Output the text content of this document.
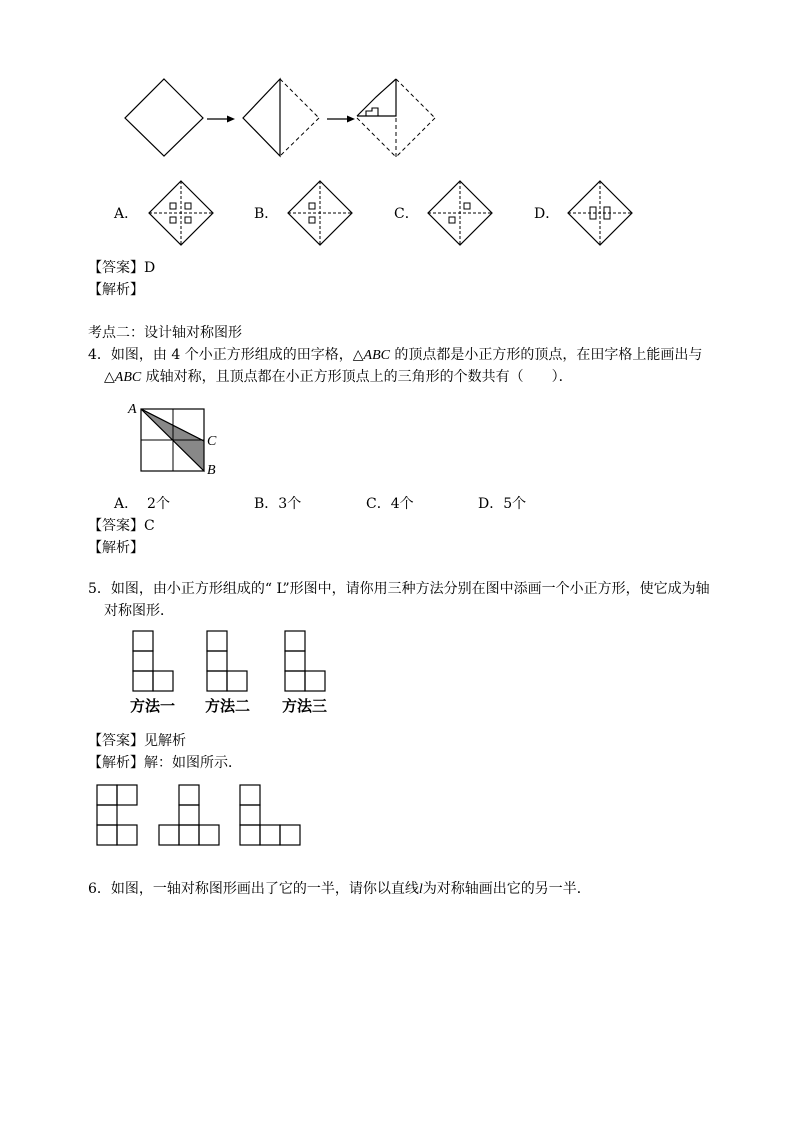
A．	B．	C．	D．
【答案】D
【解析】
考点二：设计轴对称图形
4．如图，由 4 个小正方形组成的田字格，△ABC 的顶点都是小正方形的顶点，在田字格上能画出与
△ABC 成轴对称，且顶点都在小正方形顶点上的三角形的个数共有（　　）．
A
C
B
A． 2个	B．3个	C．4个	D．5个
【答案】C
【解析】
5．如图，由小正方形组成的“ L”形图中，请你用三种方法分别在图中添画一个小正方形，使它成为轴
对称图形．
方法一 方法二 方法三
【答案】见解析
【解析】解：如图所示．
6．如图，一轴对称图形画出了它的一半，请你以直线l为对称轴画出它的另一半．
